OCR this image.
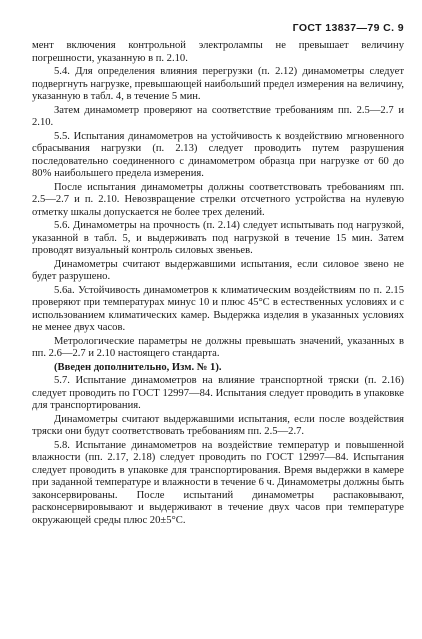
ГОСТ 13837—79 С. 9

мент включения контрольной электролампы не превышает величину погрешности, указанную в п. 2.10.

5.4. Для определения влияния перегрузки (п. 2.12) динамометры следует подвергнуть нагрузке, превышающей наибольший предел измерения на величину, указанную в табл. 4, в течение 5 мин.

Затем динамометр проверяют на соответствие требованиям пп. 2.5—2.7 и 2.10.

5.5. Испытания динамометров на устойчивость к воздействию мгновенного сбрасывания нагрузки (п. 2.13) следует проводить путем разрушения последовательно соединенного с динамометром образца при нагрузке от 60 до 80% наибольшего предела измерения.

После испытания динамометры должны соответствовать требованиям пп. 2.5—2.7 и п. 2.10. Невозвращение стрелки отсчетного устройства на нулевую отметку шкалы допускается не более трех делений.

5.6. Динамометры на прочность (п. 2.14) следует испытывать под нагрузкой, указанной в табл. 5, и выдерживать под нагрузкой в течение 15 мин. Затем проводят визуальный контроль силовых звеньев.

Динамометры считают выдержавшими испытания, если силовое звено не будет разрушено.

5.6а. Устойчивость динамометров к климатическим воздействиям по п. 2.15 проверяют при температурах минус 10 и плюс 45°С в естественных условиях и с использованием климатических камер. Выдержка изделия в указанных условиях не менее двух часов.

Метрологические параметры не должны превышать значений, указанных в пп. 2.6—2.7 и 2.10 настоящего стандарта.

(Введен дополнительно, Изм. № 1).

5.7. Испытание динамометров на влияние транспортной тряски (п. 2.16) следует проводить по ГОСТ 12997—84. Испытания следует проводить в упаковке для транспортирования.

Динамометры считают выдержавшими испытания, если после воздействия тряски они будут соответствовать требованиям пп. 2.5—2.7.

5.8. Испытание динамометров на воздействие температур и повышенной влажности (пп. 2.17, 2.18) следует проводить по ГОСТ 12997—84. Испытания следует проводить в упаковке для транспортирования. Время выдержки в камере при заданной температуре и влажности в течение 6 ч. Динамометры должны быть законсервированы. После испытаний динамометры распаковывают, расконсервировывают и выдерживают в течение двух часов при температуре окружающей среды плюс 20±5°С.
